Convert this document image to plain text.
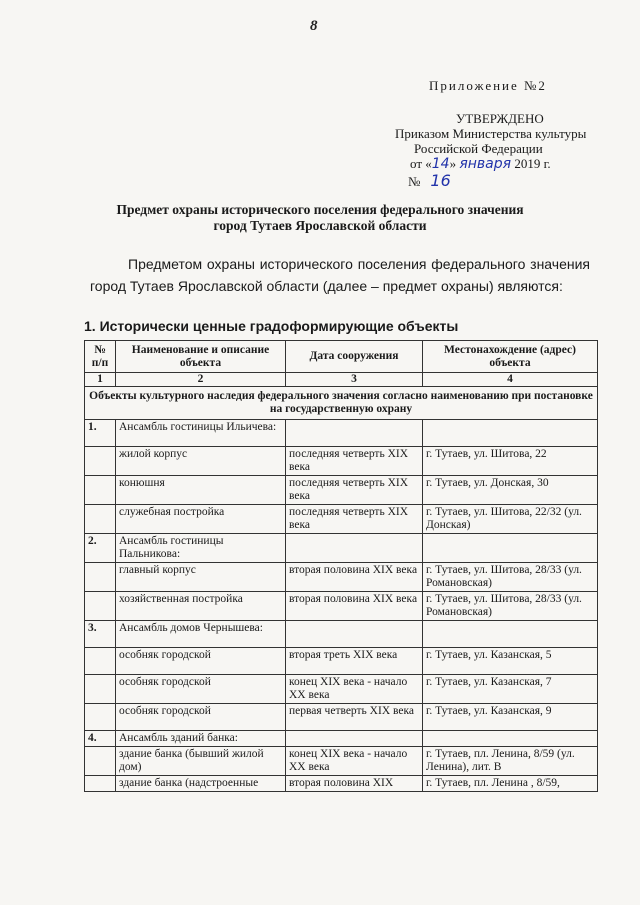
8
Приложение №2
УТВЕРЖДЕНО
Приказом Министерства культуры
Российской Федерации
от «14» января 2019 г.
№ 16
Предмет охраны исторического поселения федерального значения
город Тутаев Ярославской области
Предметом охраны исторического поселения федерального значения город Тутаев Ярославской области (далее – предмет охраны) являются:
1. Исторически ценные градоформирующие объекты
№ п/п	Наименование и описание объекта	Дата сооружения	Местонахождение (адрес) объекта
1	2	3	4
Объекты культурного наследия федерального значения согласно наименованию при постановке на государственную охрану			
1.	Ансамбль гостиницы Ильичева:		
	жилой корпус	последняя четверть XIX века	г. Тутаев, ул. Шитова, 22
	конюшня	последняя четверть XIX века	г. Тутаев, ул. Донская, 30
	служебная постройка	последняя четверть XIX века	г. Тутаев, ул. Шитова, 22/32 (ул. Донская)
2.	Ансамбль гостиницы Пальникова:		
	главный корпус	вторая половина XIX века	г. Тутаев, ул. Шитова, 28/33 (ул. Романовская)
	хозяйственная постройка	вторая половина XIX века	г. Тутаев, ул. Шитова, 28/33 (ул. Романовская)
3.	Ансамбль домов Чернышева:		
	особняк городской	вторая треть XIX века	г. Тутаев, ул. Казанская, 5
	особняк городской	конец XIX века - начало XX века	г. Тутаев, ул. Казанская, 7
	особняк городской	первая четверть XIX века	г. Тутаев, ул. Казанская, 9
4.	Ансамбль зданий банка:		
	здание банка (бывший жилой дом)	конец XIX века - начало XX века	г. Тутаев, пл. Ленина, 8/59 (ул. Ленина), лит. В
	здание банка (надстроенные	вторая половина XIX	г. Тутаев, пл. Ленина , 8/59,
